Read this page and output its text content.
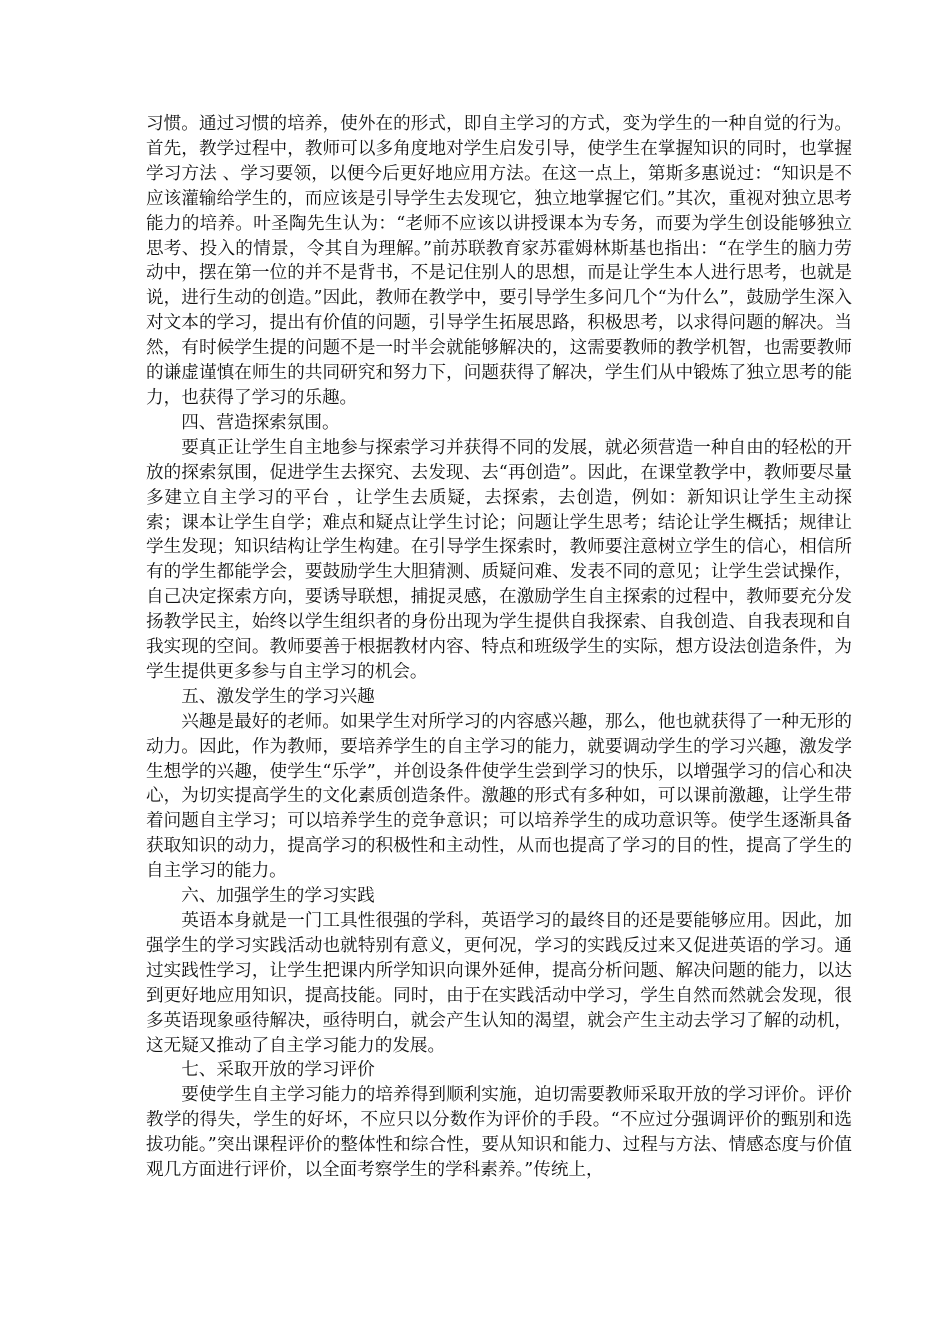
习惯。通过习惯的培养，使外在的形式，即自主学习的方式，变为学生的一种自觉的行为。首先，教学过程中，教师可以多角度地对学生启发引导，使学生在掌握知识的同时，也掌握学习方法 、学习要领，以便今后更好地应用方法。在这一点上，第斯多惠说过：“知识是不应该灌输给学生的，而应该是引导学生去发现它，独立地掌握它们。”其次，重视对独立思考能力的培养。叶圣陶先生认为：“老师不应该以讲授课本为专务，而要为学生创设能够独立思考、投入的情景，令其自为理解。”前苏联教育家苏霍姆林斯基也指出：“在学生的脑力劳动中，摆在第一位的并不是背书，不是记住别人的思想，而是让学生本人进行思考，也就是说，进行生动的创造。”因此，教师在教学中，要引导学生多问几个“为什么”，鼓励学生深入对文本的学习，提出有价值的问题，引导学生拓展思路，积极思考，以求得问题的解决。当然，有时候学生提的问题不是一时半会就能够解决的，这需要教师的教学机智，也需要教师的谦虚谨慎在师生的共同研究和努力下，问题获得了解决，学生们从中锻炼了独立思考的能力，也获得了学习的乐趣。

四、营造探索氛围。

要真正让学生自主地参与探索学习并获得不同的发展，就必须营造一种自由的轻松的开放的探索氛围，促进学生去探究、去发现、去“再创造”。因此，在课堂教学中，教师要尽量多建立自主学习的平台 ，让学生去质疑，去探索，去创造，例如：新知识让学生主动探索；课本让学生自学；难点和疑点让学生讨论；问题让学生思考；结论让学生概括；规律让学生发现；知识结构让学生构建。在引导学生探索时，教师要注意树立学生的信心，相信所有的学生都能学会，要鼓励学生大胆猜测、质疑问难、发表不同的意见；让学生尝试操作，自己决定探索方向，要诱导联想，捕捉灵感，在激励学生自主探索的过程中，教师要充分发扬教学民主，始终以学生组织者的身份出现为学生提供自我探索、自我创造、自我表现和自我实现的空间。教师要善于根据教材内容、特点和班级学生的实际，想方设法创造条件，为学生提供更多参与自主学习的机会。

五、激发学生的学习兴趣

兴趣是最好的老师。如果学生对所学习的内容感兴趣，那么，他也就获得了一种无形的动力。因此，作为教师，要培养学生的自主学习的能力，就要调动学生的学习兴趣，激发学生想学的兴趣，使学生“乐学”，并创设条件使学生尝到学习的快乐，以增强学习的信心和决心，为切实提高学生的文化素质创造条件。激趣的形式有多种如，可以课前激趣，让学生带着问题自主学习；可以培养学生的竞争意识；可以培养学生的成功意识等。使学生逐渐具备获取知识的动力，提高学习的积极性和主动性，从而也提高了学习的目的性，提高了学生的自主学习的能力。

六、加强学生的学习实践

英语本身就是一门工具性很强的学科，英语学习的最终目的还是要能够应用。因此，加强学生的学习实践活动也就特别有意义，更何况，学习的实践反过来又促进英语的学习。通过实践性学习，让学生把课内所学知识向课外延伸，提高分析问题、解决问题的能力，以达到更好地应用知识，提高技能。同时，由于在实践活动中学习，学生自然而然就会发现，很多英语现象亟待解决，亟待明白，就会产生认知的渴望，就会产生主动去学习了解的动机，这无疑又推动了自主学习能力的发展。

七、采取开放的学习评价

要使学生自主学习能力的培养得到顺利实施，迫切需要教师采取开放的学习评价。评价教学的得失，学生的好坏，不应只以分数作为评价的手段。“不应过分强调评价的甄别和选拔功能。”突出课程评价的整体性和综合性，要从知识和能力、过程与方法、情感态度与价值观几方面进行评价，以全面考察学生的学科素养。”传统上，
